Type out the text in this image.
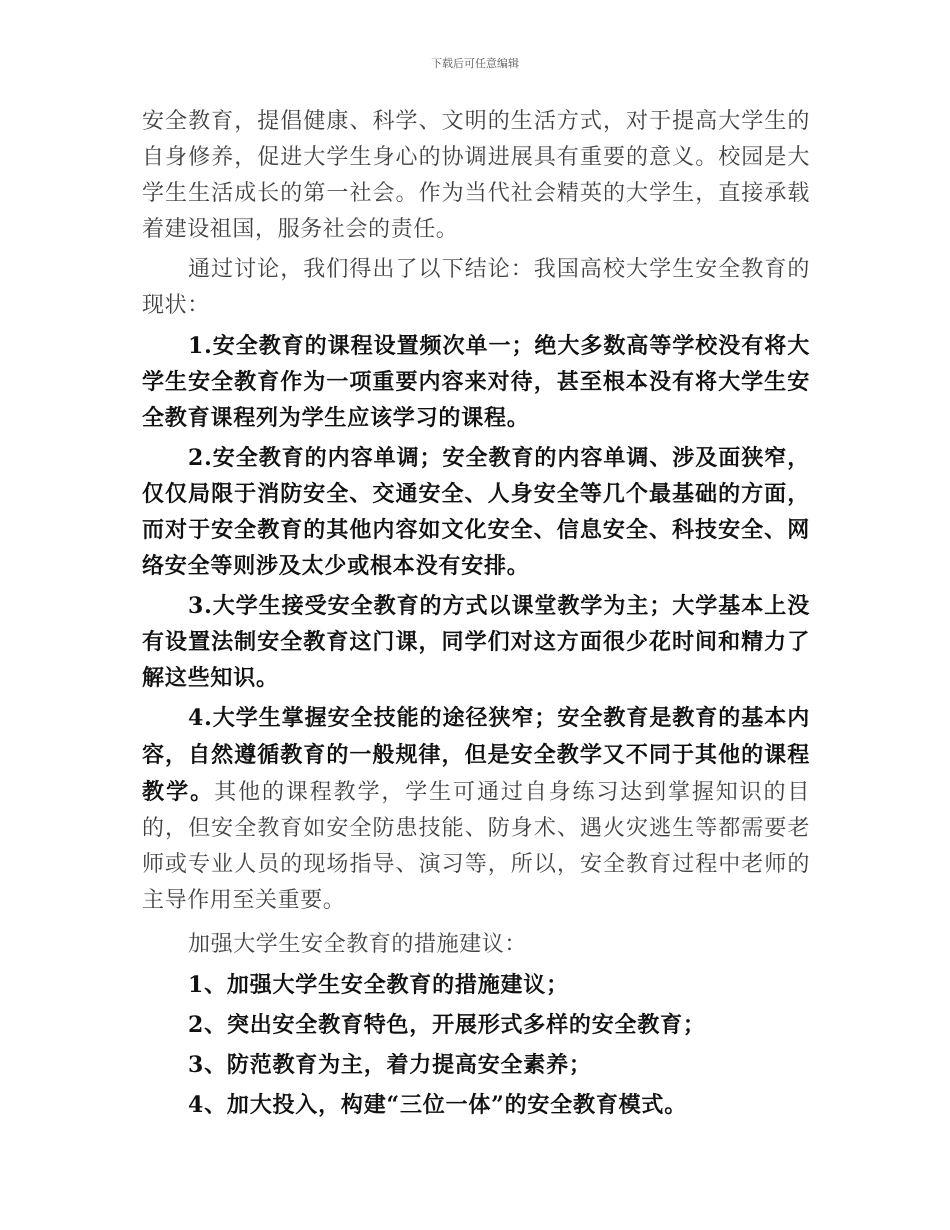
下载后可任意编辑

安全教育，提倡健康、科学、文明的生活方式，对于提高大学生的自身修养，促进大学生身心的协调进展具有重要的意义。校园是大学生生活成长的第一社会。作为当代社会精英的大学生，直接承载着建设祖国，服务社会的责任。

通过讨论，我们得出了以下结论：我国高校大学生安全教育的现状：

1.安全教育的课程设置频次单一；绝大多数高等学校没有将大学生安全教育作为一项重要内容来对待，甚至根本没有将大学生安全教育课程列为学生应该学习的课程。

2.安全教育的内容单调；安全教育的内容单调、涉及面狭窄，仅仅局限于消防安全、交通安全、人身安全等几个最基础的方面，而对于安全教育的其他内容如文化安全、信息安全、科技安全、网络安全等则涉及太少或根本没有安排。

3.大学生接受安全教育的方式以课堂教学为主；大学基本上没有设置法制安全教育这门课，同学们对这方面很少花时间和精力了解这些知识。

4.大学生掌握安全技能的途径狭窄；安全教育是教育的基本内容，自然遵循教育的一般规律，但是安全教学又不同于其他的课程教学。其他的课程教学，学生可通过自身练习达到掌握知识的目的，但安全教育如安全防患技能、防身术、遇火灾逃生等都需要老师或专业人员的现场指导、演习等，所以，安全教育过程中老师的主导作用至关重要。

加强大学生安全教育的措施建议：

1、加强大学生安全教育的措施建议；

2、突出安全教育特色，开展形式多样的安全教育；

3、防范教育为主，着力提高安全素养；

4、加大投入，构建“三位一体”的安全教育模式。
